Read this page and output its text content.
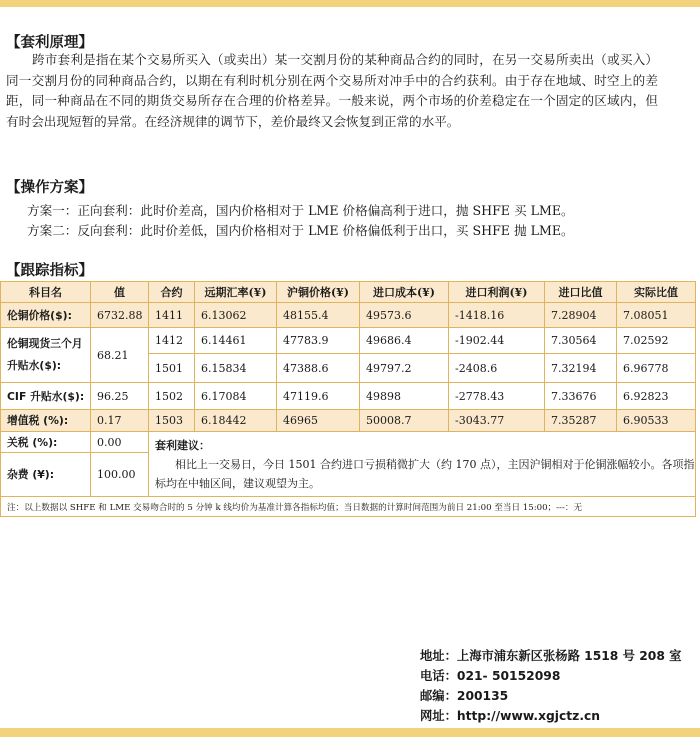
【套利原理】
跨市套利是指在某个交易所买入（或卖出）某一交割月份的某种商品合约的同时，在另一交易所卖出（或买入）同一交割月份的同种商品合约，以期在有利时机分别在两个交易所对冲手中的合约获利。由于存在地域、时空上的差距，同一种商品在不同的期货交易所存在合理的价格差异。一般来说，两个市场的价差稳定在一个固定的区域内，但有时会出现短暂的异常。在经济规律的调节下，差价最终又会恢复到正常的水平。
【操作方案】
方案一：正向套利：此时价差高，国内价格相对于 LME 价格偏高利于进口，抛 SHFE 买 LME。
方案二：反向套利：此时价差低，国内价格相对于 LME 价格偏低利于出口，买 SHFE 抛 LME。
【跟踪指标】
科目名	值	合约	远期汇率(¥)	沪铜价格(¥)	进口成本(¥)	进口利润(¥)	进口比值	实际比值
伦铜价格($):	6732.88	1411	6.13062	48155.4	49573.6	-1418.16	7.28904	7.08051
伦铜现货三个月升贴水($):	68.21	1412	6.14461	47783.9	49686.4	-1902.44	7.30564	7.02592
		1501	6.15834	47388.6	49797.2	-2408.6	7.32194	6.96778
CIF 升贴水($):	96.25	1502	6.17084	47119.6	49898	-2778.43	7.33676	6.92823
增值税 (%):	0.17	1503	6.18442	46965	50008.7	-3043.77	7.35287	6.90533
关税 (%):	0.00	套利建议：
相比上一交易日，今日 1501 合约进口亏损稍微扩大（约 170 点），主因沪铜相对于伦铜涨幅较小。各项指标均在中轴区间，建议观望为主。						

杂费 (¥):	100.00							
注：以上数据以 SHFE 和 LME 交易吻合时的 5 分钟 k 线均价为基准计算各指标均值；当日数据的计算时间范围为前日 21:00 至当日 15:00；---：无								
地址：上海市浦东新区张杨路 1518 号 208 室
电话：021- 50152098
邮编：200135
网址：http://www.xgjctz.cn
